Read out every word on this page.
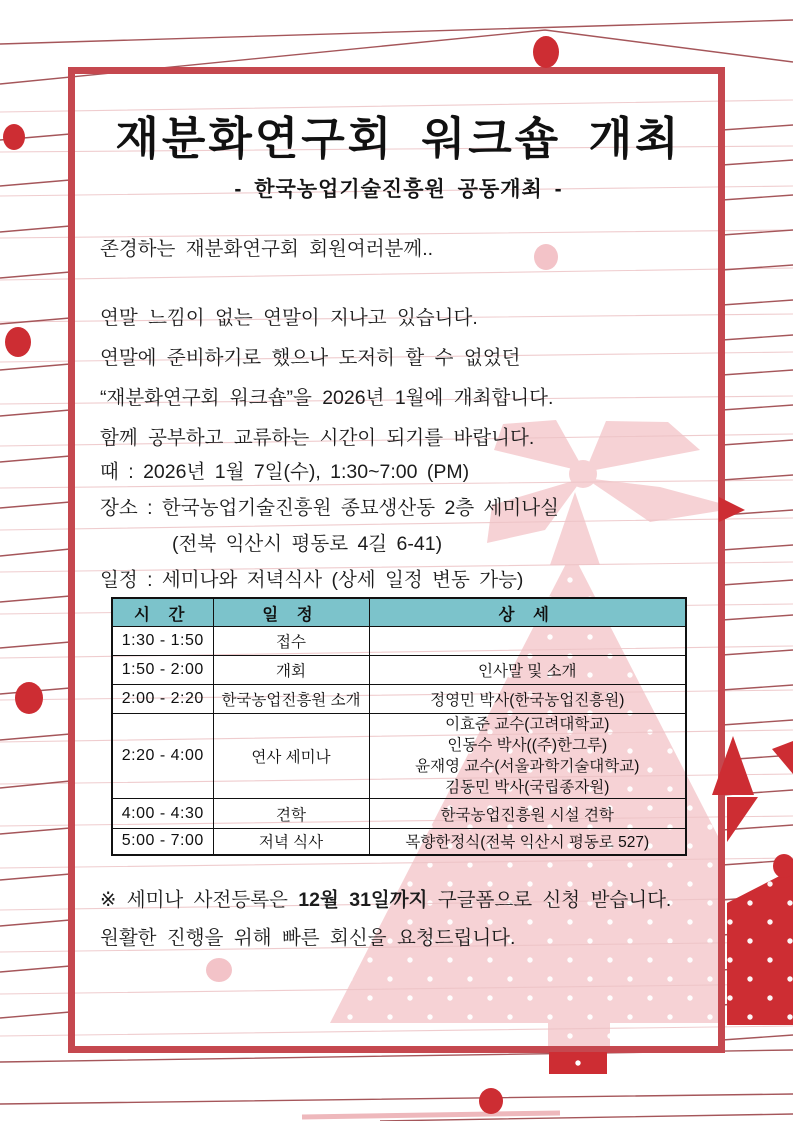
재분화연구회 워크숍 개최
- 한국농업기술진흥원 공동개최 -
존경하는 재분화연구회 회원여러분께..
연말 느낌이 없는 연말이 지나고 있습니다.
연말에 준비하기로 했으나 도저히 할 수 없었던
“재분화연구회 워크숍”을 2026년 1월에 개최합니다.
함께 공부하고 교류하는 시간이 되기를 바랍니다.
때 : 2026년 1월 7일(수), 1:30~7:00 (PM)
장소 : 한국농업기술진흥원 종묘생산동 2층 세미나실
(전북 익산시 평동로 4길 6-41)
일정 : 세미나와 저녁식사 (상세 일정 변동 가능)
시 간	일 정	상 세
1:30 - 1:50	접수	
1:50 - 2:00	개회	인사말 및 소개
2:00 - 2:20	한국농업진흥원 소개	정영민 박사(한국농업진흥원)
2:20 - 4:00	연사 세미나	이효준 교수(고려대학교)
인동수 박사((주)한그루)
윤재영 교수(서울과학기술대학교)
김동민 박사(국립종자원)

4:00 - 4:30	견학	한국농업진흥원 시설 견학
5:00 - 7:00	저녁 식사	목향한정식(전북 익산시 평동로 527)
※ 세미나 사전등록은 12월 31일까지 구글폼으로 신청 받습니다.
원활한 진행을 위해 빠른 회신을 요청드립니다.
